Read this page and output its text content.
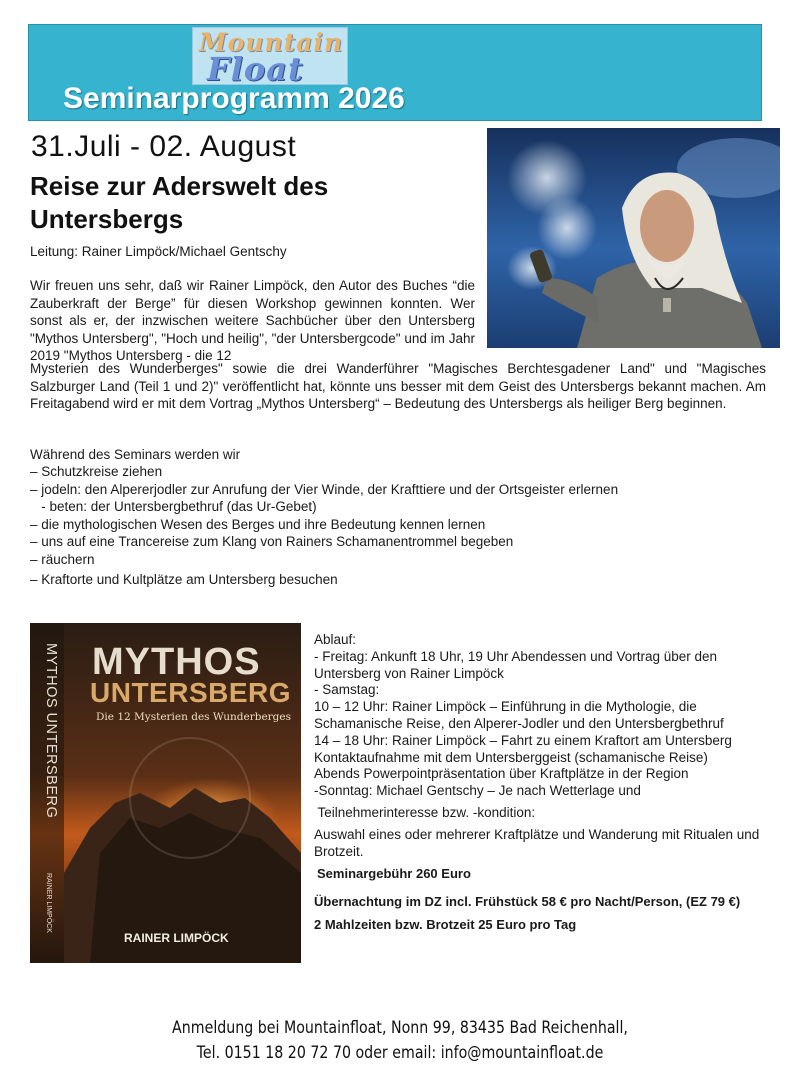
Mountain
Float
Seminarprogramm 2026
31.Juli - 02. August
Reise zur Aderswelt des Untersbergs
Leitung: Rainer Limpöck/Michael Gentschy
Wir freuen uns sehr, daß wir Rainer Limpöck, den Autor des Buches “die Zauberkraft der Berge” für diesen Workshop gewinnen konnten. Wer sonst als er, der inzwischen weitere Sachbücher über den Untersberg "Mythos Untersberg", "Hoch und heilig", "der Untersbergcode" und im Jahr 2019 "Mythos Untersberg - die 12
Mysterien des Wunderberges" sowie die drei Wanderführer "Magisches Berchtesgadener Land" und "Magisches Salzburger Land (Teil 1 und 2)" veröffentlicht hat, könnte uns besser mit dem Geist des Untersbergs bekannt machen. Am Freitagabend wird er mit dem Vortrag „Mythos Untersberg“ – Bedeutung des Untersbergs als heiliger Berg beginnen.
Während des Seminars werden wir
– Schutzkreise ziehen
– jodeln: den Alpererjodler zur Anrufung der Vier Winde, der Krafttiere und der Ortsgeister erlernen
- beten: der Untersbergbethruf (das Ur-Gebet)
– die mythologischen Wesen des Berges und ihre Bedeutung kennen lernen
– uns auf eine Trancereise zum Klang von Rainers Schamanentrommel begeben
– räuchern
– Kraftorte und Kultplätze am Untersberg besuchen
MYTHOS UNTERSBERG
RAINER LIMPÖCK
MYTHOS
UNTERSBERG
Die 12 Mysterien des Wunderberges
RAINER LIMPÖCK
Ablauf:
- Freitag: Ankunft 18 Uhr, 19 Uhr Abendessen und Vortrag über den Untersberg von Rainer Limpöck
- Samstag:
10 – 12 Uhr: Rainer Limpöck – Einführung in die Mythologie, die Schamanische Reise, den Alperer-Jodler und den Untersbergbethruf
14 – 18 Uhr: Rainer Limpöck – Fahrt zu einem Kraftort am Untersberg Kontaktaufnahme mit dem Untersberggeist (schamanische Reise)
Abends Powerpointpräsentation über Kraftplätze in der Region
-Sonntag: Michael Gentschy – Je nach Wetterlage und
Teilnehmerinteresse bzw. -kondition:
Auswahl eines oder mehrerer Kraftplätze und Wanderung mit Ritualen und Brotzeit.
Seminargebühr 260 Euro
Übernachtung im DZ incl. Frühstück 58 € pro Nacht/Person, (EZ 79 €)
2 Mahlzeiten bzw. Brotzeit 25 Euro pro Tag
Anmeldung bei Mountainfloat, Nonn 99, 83435 Bad Reichenhall,
Tel. 0151 18 20 72 70 oder email: info@mountainfloat.de
